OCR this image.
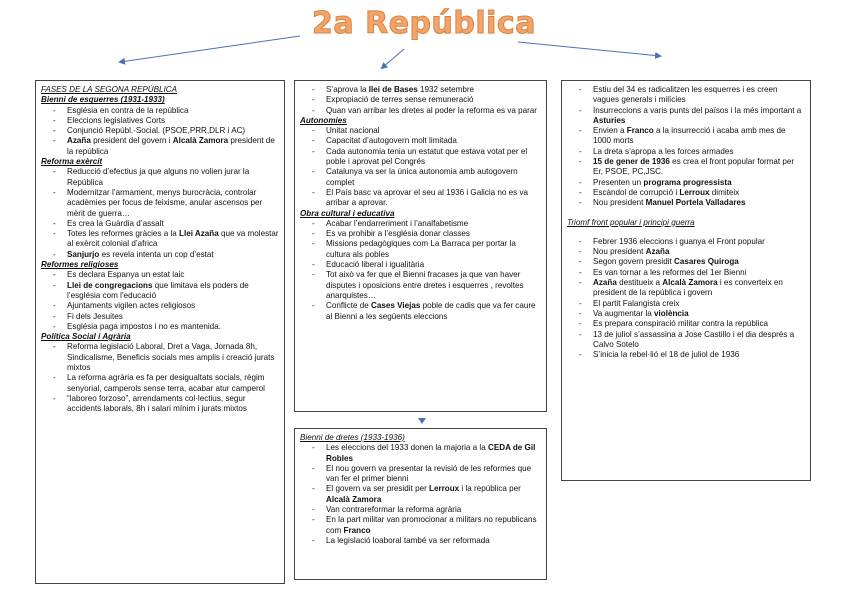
2a República
FASES DE LA SEGONA REPÚBLICA
Bienni de esquerres (1931-1933)
- Església en contra de la república
- Eleccions legislatives Corts
- Conjunció Repúbl.-Social. (PSOE,PRR,DLR i AC)
- Azaña president del govern i Alcalà Zamora president de la república
Reforma exèrcit
- Reducció d’efectius ja que alguns no volien jurar la República
- Modernitzar l’armament, menys burocràcia, controlar acadèmies per focus de feixisme, anular ascensos per mèrit de guerra…
- Es crea la Guàrdia d’assalt
- Totes les reformes gràcies a la Llei Azaña que va molestar al exèrcit colonial d’africa
- Sanjurjo es revela intenta un cop d’estat
Reformes religioses
- Es declara Espanya un estat laic
- Llei de congregacions que limitava els poders de l’església com l’educació
- Ajuntaments vigilen actes religiosos
- Fi dels Jesuites
- Església paga impostos i no es mantenida.
Política Social i Agrària
- Reforma legislació Laboral, Dret a Vaga, Jornada 8h, Sindicalisme, Beneficis socials mes amplis i creació jurats mixtos
- La reforma agrària es fa per desigualtats socials, règim senyorial, camperols sense terra, acabar atur camperol
- “laboreo forzoso”, arrendaments col·lectius, segur accidents laborals, 8h i salari mínim i jurats mixtos
- S’aprova la llei de Bases 1932 setembre
- Expropiació de terres sense remuneració
- Quan van arribar les dretes al poder la reforma es va parar
Autonomies
- Unitat nacional
- Capacitat d’autogovern molt limitada
- Cada autonomia tenia un estatut que estava votat per el poble i aprovat pel Congrés
- Catalunya va ser la única autonomia amb autogovern complet
- El País basc va aprovar el seu al 1936 i Galicia no es va arribar a aprovar.
Obra cultural i educativa
- Acabar l’endarreriment i l’analfabetisme
- Es va prohibir a l’església donar classes
- Missions pedagògiques com La Barraca per portar la cultura als pobles
- Educació liberal i igualitària
- Tot això va fer que el Bienni fracases ja que van haver disputes i oposicions entre dretes i esquerres , revoltes anarquistes…
- Conflicte de Cases Viejas poble de cadis que va fer caure al Bienni a les següents eleccions
Bienni de dretes (1933-1936)
- Les eleccions del 1933 donen la majoria a la CEDA de Gil Robles
- El nou govern va presentar la revisió de les reformes que van fer el primer bienni
- El govern va ser presidit per Lerroux i la república per Alcalà Zamora
- Van contrareformar la reforma agrària
- En la part militar van promocionar a militars no republicans com Franco
- La legislació loaboral també va ser reformada
- Estiu del 34 es radicalitzen les esquerres i es creen vagues generals i milícies
- Insurreccions a varis punts del països i la més important a Asturies
- Envien a Franco a la insurrecció i acaba amb mes de 1000 morts
- La dreta s’apropa a les forces armades
- 15 de gener de 1936 es crea el front popular format per Er, PSOE, PC,JSC.
- Presenten un programa progressista
- Escàndol de corrupció i Lerroux dimiteix
- Nou president Manuel Portela Valladares
Triomf front popular i principi guerra
- Febrer 1936 eleccions i guanya el Front popular
- Nou president Azaña
- Segon govern presidit Casares Quiroga
- Es van tornar a les reformes del 1er Bienni
- Azaña destitueix a Alcalà Zamora i es converteix en president de la república i govern
- El partit Falangista creix
- Va augmentar la violència
- Es prepara conspiració militar contra la república
- 13 de juliol s’assassina a Jose Castillo i el dia després a Calvo Sotelo
- S’inicia la rebel·lió el 18 de juliol de 1936
